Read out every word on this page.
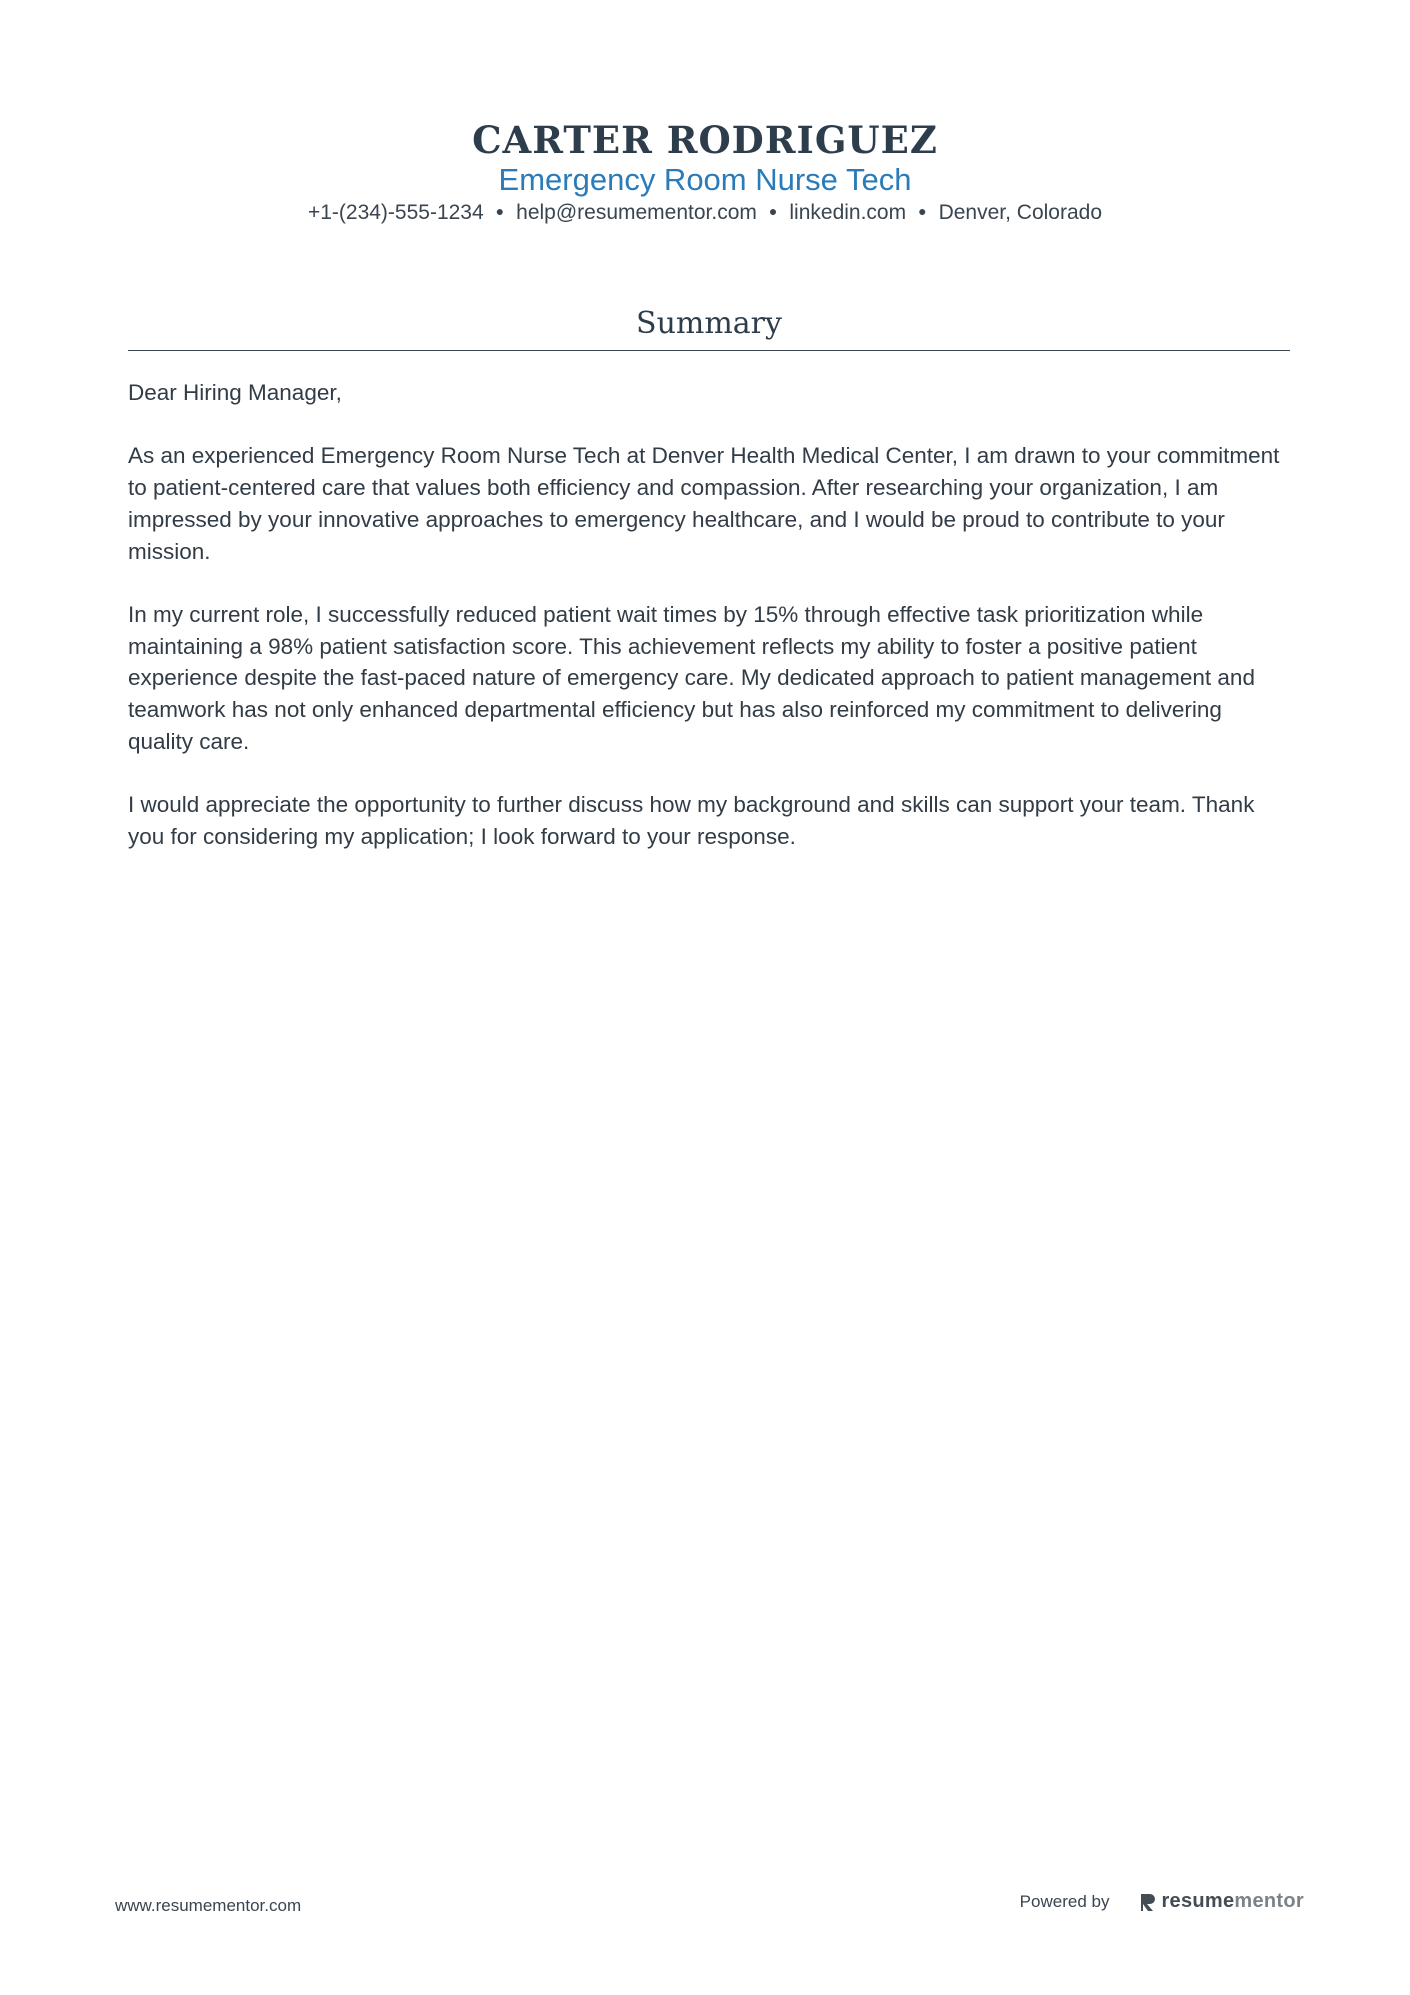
CARTER RODRIGUEZ
Emergency Room Nurse Tech
+1-(234)-555-1234 ● help@resumementor.com ● linkedin.com ● Denver, Colorado
Summary

Dear Hiring Manager,

As an experienced Emergency Room Nurse Tech at Denver Health Medical Center, I am drawn to your commitment to patient-centered care that values both efficiency and compassion. After researching your organization, I am impressed by your innovative approaches to emergency healthcare, and I would be proud to contribute to your mission.

In my current role, I successfully reduced patient wait times by 15% through effective task prioritization while maintaining a 98% patient satisfaction score. This achievement reflects my ability to foster a positive patient experience despite the fast-paced nature of emergency care. My dedicated approach to patient management and teamwork has not only enhanced departmental efficiency but has also reinforced my commitment to delivering quality care.

I would appreciate the opportunity to further discuss how my background and skills can support your team. Thank you for considering my application; I look forward to your response.

www.resumementor.com	Powered by	resume mentor
